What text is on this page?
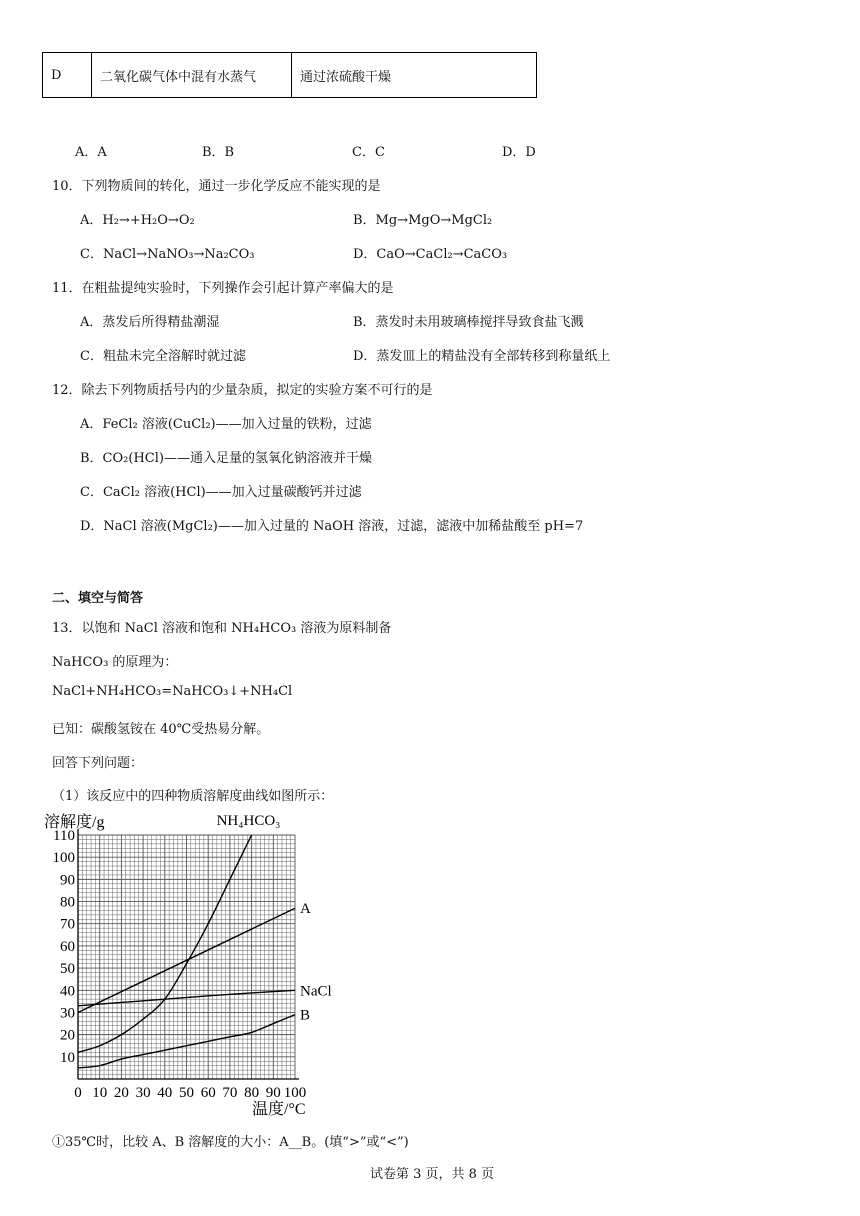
D	二氧化碳气体中混有水蒸气	通过浓硫酸干燥
A．A	B．B	C．C	D．D
10．下列物质间的转化，通过一步化学反应不能实现的是
A．H₂→+H₂O→O₂	B．Mg→MgO→MgCl₂
C．NaCl→NaNO₃→Na₂CO₃	D．CaO→CaCl₂→CaCO₃
11．在粗盐提纯实验时，下列操作会引起计算产率偏大的是
A．蒸发后所得精盐潮湿	B．蒸发时未用玻璃棒搅拌导致食盐飞溅
C．粗盐未完全溶解时就过滤	D．蒸发皿上的精盐没有全部转移到称量纸上
12．除去下列物质括号内的少量杂质，拟定的实验方案不可行的是
A．FeCl₂ 溶液(CuCl₂)——加入过量的铁粉，过滤
B．CO₂(HCl)——通入足量的氢氧化钠溶液并干燥
C．CaCl₂ 溶液(HCl)——加入过量碳酸钙并过滤
D．NaCl 溶液(MgCl₂)——加入过量的 NaOH 溶液，过滤，滤液中加稀盐酸至 pH=7
二、填空与简答
13．以饱和 NaCl 溶液和饱和 NH₄HCO₃ 溶液为原料制备
NaHCO₃ 的原理为：
NaCl+NH₄HCO₃=NaHCO₃↓+NH₄Cl
已知：碳酸氢铵在 40℃受热易分解。
回答下列问题：
（1）该反应中的四种物质溶解度曲线如图所示：
0 10 20 30 40 50 60 70 80 90 100
10
20
30
40
50
60
70
80
90
100
110
溶解度/g
温度/°C
NH₄HCO₃
A
NaCl
B
①35℃时，比较 A、B 溶解度的大小：A__B。(填“>”或“<”)
试卷第 3 页，共 8 页
